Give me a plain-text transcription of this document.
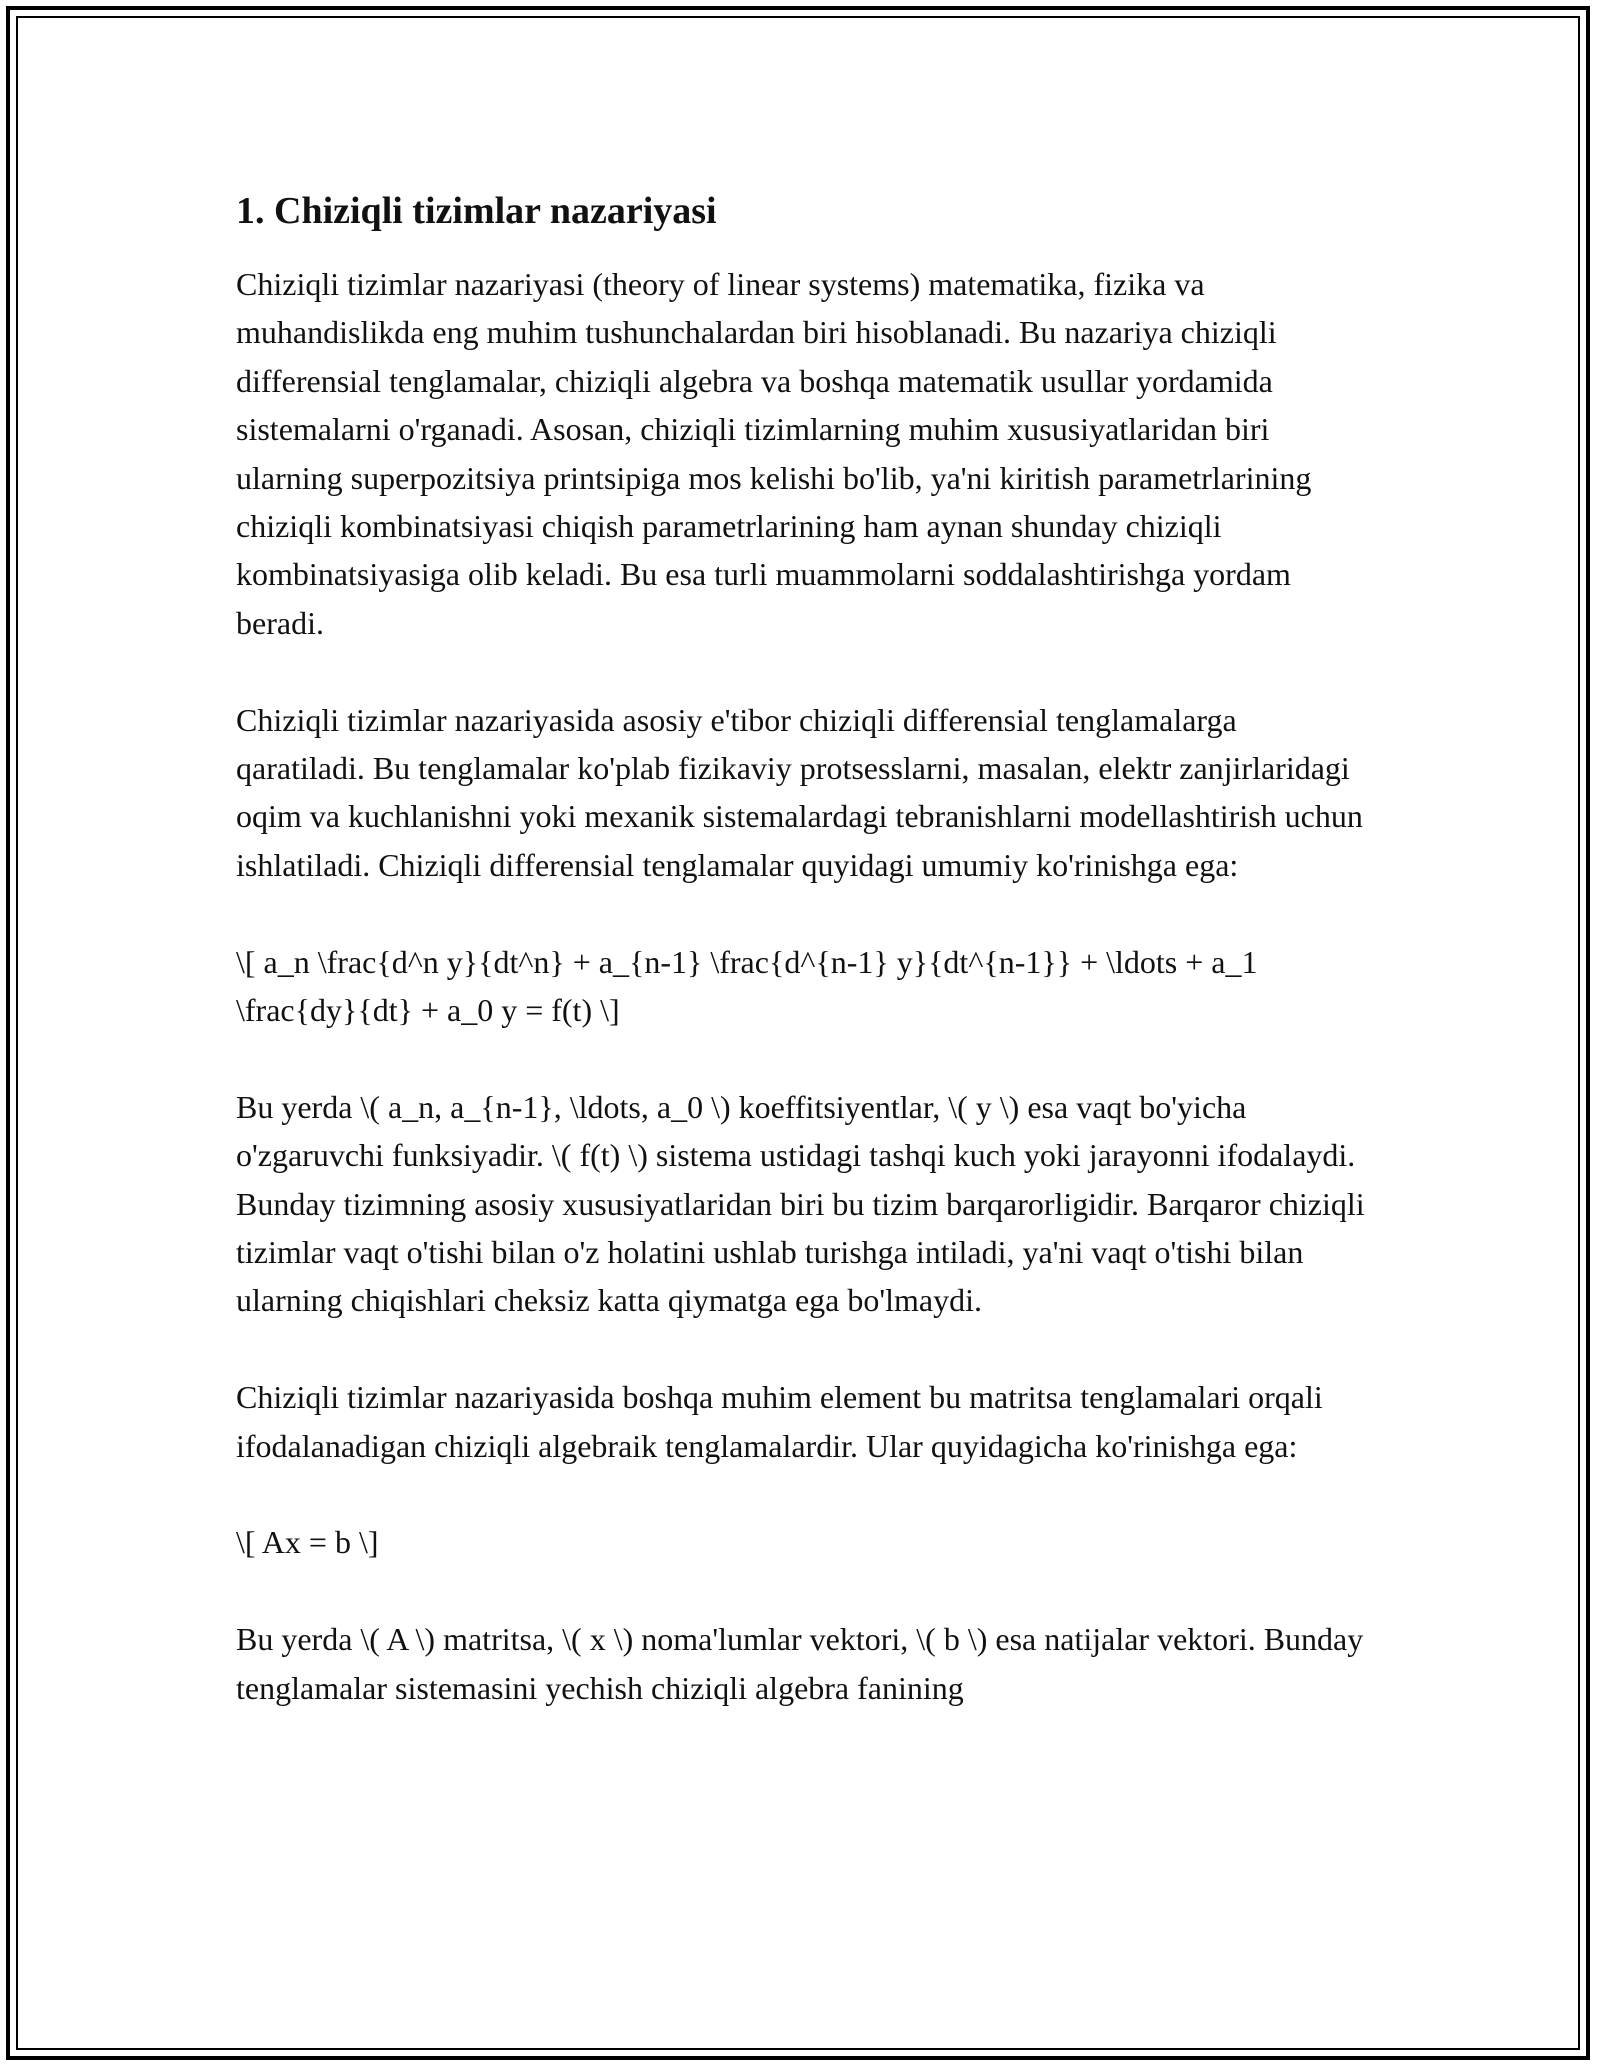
1. Chiziqli tizimlar nazariyasi

Chiziqli tizimlar nazariyasi (theory of linear systems) matematika, fizika va muhandislikda eng muhim tushunchalardan biri hisoblanadi. Bu nazariya chiziqli differensial tenglamalar, chiziqli algebra va boshqa matematik usullar yordamida sistemalarni o'rganadi. Asosan, chiziqli tizimlarning muhim xususiyatlaridan biri ularning superpozitsiya printsipiga mos kelishi bo'lib, ya'ni kiritish parametrlarining chiziqli kombinatsiyasi chiqish parametrlarining ham aynan shunday chiziqli kombinatsiyasiga olib keladi. Bu esa turli muammolarni soddalashtirishga yordam beradi.

Chiziqli tizimlar nazariyasida asosiy e'tibor chiziqli differensial tenglamalarga qaratiladi. Bu tenglamalar ko'plab fizikaviy protsesslarni, masalan, elektr zanjirlaridagi oqim va kuchlanishni yoki mexanik sistemalardagi tebranishlarni modellashtirish uchun ishlatiladi. Chiziqli differensial tenglamalar quyidagi umumiy ko'rinishga ega:

\[ a_n \frac{d^n y}{dt^n} + a_{n-1} \frac{d^{n-1} y}{dt^{n-1}} + \ldots + a_1 \frac{dy}{dt} + a_0 y = f(t) \]

Bu yerda \( a_n, a_{n-1}, \ldots, a_0 \) koeffitsiyentlar, \( y \) esa vaqt bo'yicha o'zgaruvchi funksiyadir. \( f(t) \) sistema ustidagi tashqi kuch yoki jarayonni ifodalaydi. Bunday tizimning asosiy xususiyatlaridan biri bu tizim barqarorligidir. Barqaror chiziqli tizimlar vaqt o'tishi bilan o'z holatini ushlab turishga intiladi, ya'ni vaqt o'tishi bilan ularning chiqishlari cheksiz katta qiymatga ega bo'lmaydi.

Chiziqli tizimlar nazariyasida boshqa muhim element bu matritsa tenglamalari orqali ifodalanadigan chiziqli algebraik tenglamalardir. Ular quyidagicha ko'rinishga ega:

\[ Ax = b \]

Bu yerda \( A \) matritsa, \( x \) noma'lumlar vektori, \( b \) esa natijalar vektori. Bunday tenglamalar sistemasini yechish chiziqli algebra fanining
